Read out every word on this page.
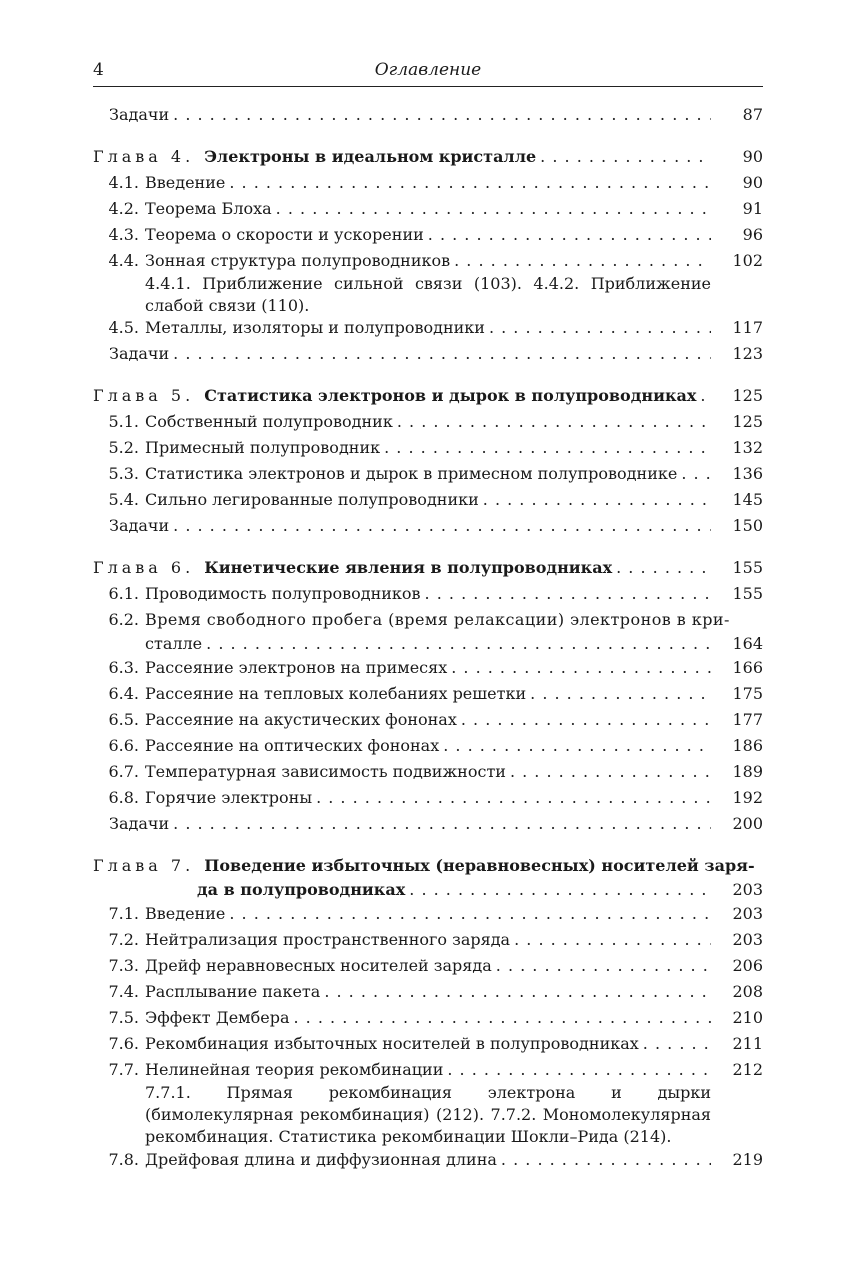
4	Оглавление
Задачи . . .	87
Глава 4. Электроны в идеальном кристалле . . .	90
4.1. Введение . . .	90
4.2. Теорема Блоха . . .	91
4.3. Теорема о скорости и ускорении . . .	96
4.4. Зонная структура полупроводников . . .	102
4.4.1. Приближение сильной связи (103). 4.4.2. Приближение слабой связи (110).
4.5. Металлы, изоляторы и полупроводники . . .	117
Задачи . . .	123
Глава 5. Статистика электронов и дырок в полупроводниках . . .	125
5.1. Собственный полупроводник . . .	125
5.2. Примесный полупроводник . . .	132
5.3. Статистика электронов и дырок в примесном полупроводнике . . .	136
5.4. Сильно легированные полупроводники . . .	145
Задачи . . .	150
Глава 6. Кинетические явления в полупроводниках . . .	155
6.1. Проводимость полупроводников . . .	155
6.2. Время свободного пробега (время релаксации) электронов в кри-
сталле . . .	164
6.3. Рассеяние электронов на примесях . . .	166
6.4. Рассеяние на тепловых колебаниях решетки . . .	175
6.5. Рассеяние на акустических фононах . . .	177
6.6. Рассеяние на оптических фононах . . .	186
6.7. Температурная зависимость подвижности . . .	189
6.8. Горячие электроны . . .	192
Задачи . . .	200
Глава 7. Поведение избыточных (неравновесных) носителей заря-
да в полупроводниках . . .	203
7.1. Введение . . .	203
7.2. Нейтрализация пространственного заряда . . .	203
7.3. Дрейф неравновесных носителей заряда . . .	206
7.4. Расплывание пакета . . .	208
7.5. Эффект Дембера . . .	210
7.6. Рекомбинация избыточных носителей в полупроводниках . . .	211
7.7. Нелинейная теория рекомбинации . . .	212
7.7.1. Прямая рекомбинация электрона и дырки (бимолекулярная рекомбинация) (212). 7.7.2. Мономолекулярная рекомбинация. Статистика рекомбинации Шокли–Рида (214).
7.8. Дрейфовая длина и диффузионная длина . . .	219
